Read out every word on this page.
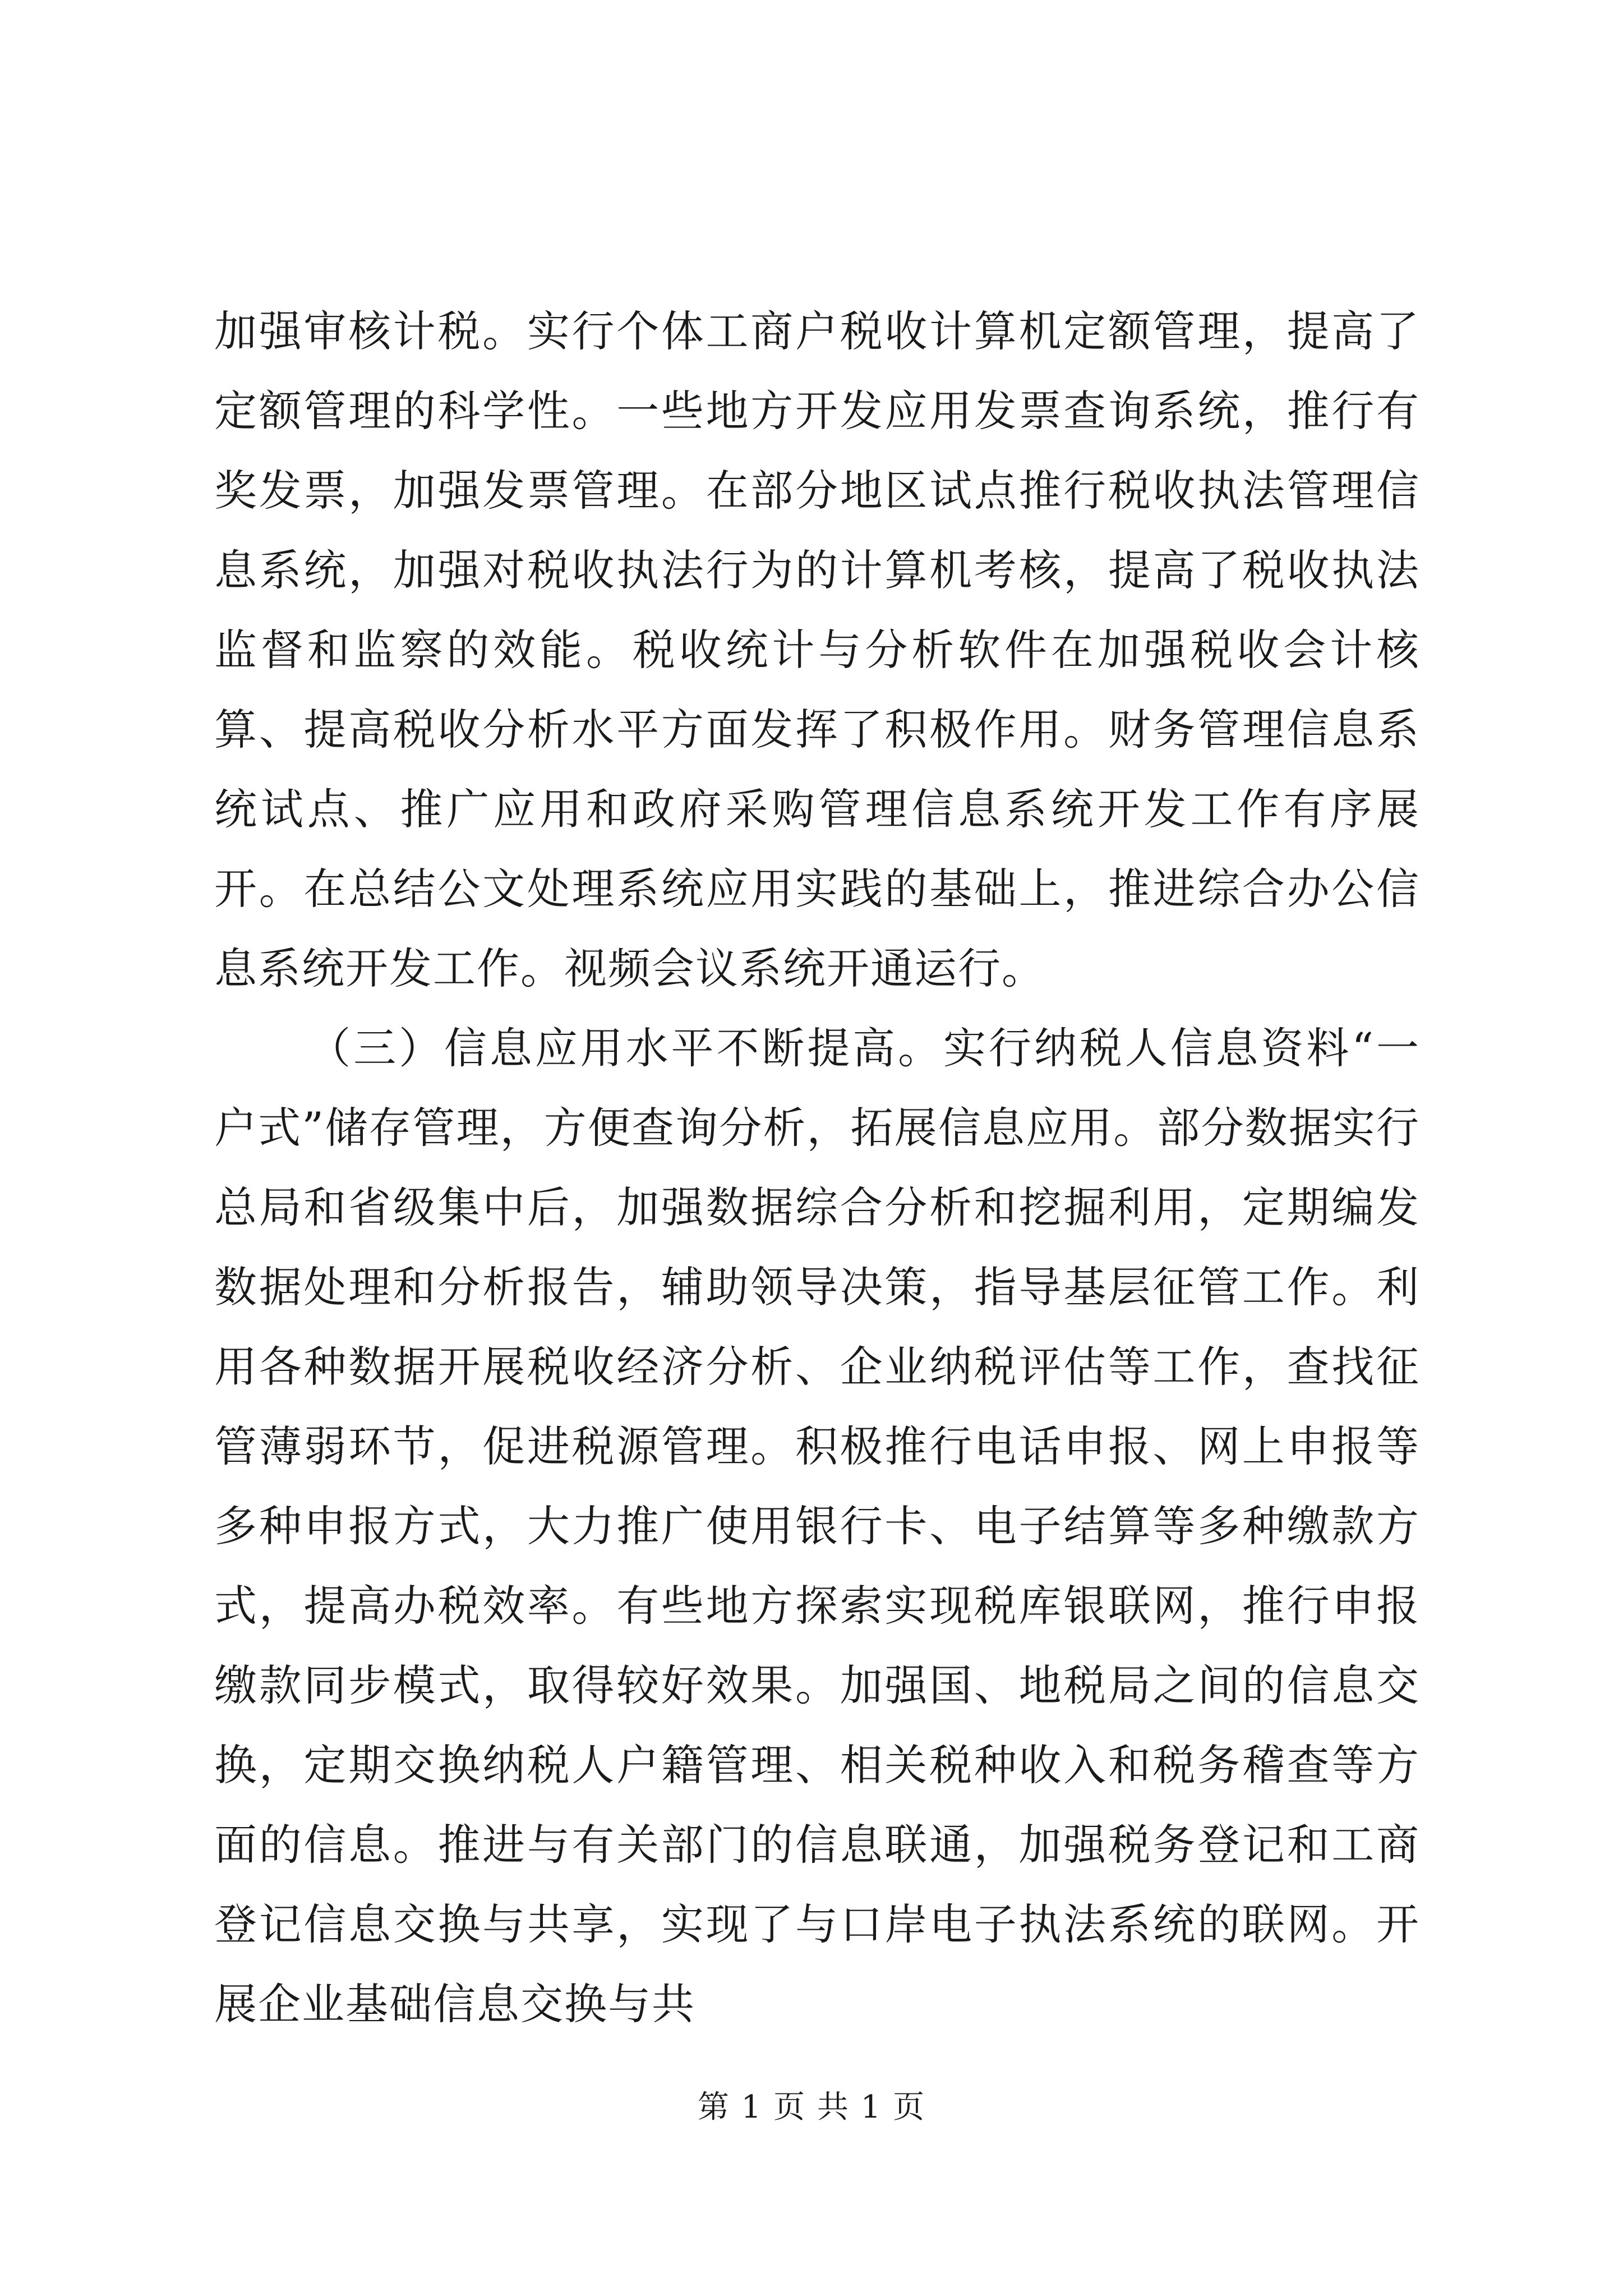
加强审核计税。实行个体工商户税收计算机定额管理，提高了定额管理的科学性。一些地方开发应用发票查询系统，推行有奖发票，加强发票管理。在部分地区试点推行税收执法管理信息系统，加强对税收执法行为的计算机考核，提高了税收执法监督和监察的效能。税收统计与分析软件在加强税收会计核算、提高税收分析水平方面发挥了积极作用。财务管理信息系统试点、推广应用和政府采购管理信息系统开发工作有序展开。在总结公文处理系统应用实践的基础上，推进综合办公信息系统开发工作。视频会议系统开通运行。

（三）信息应用水平不断提高。实行纳税人信息资料“一户式”储存管理，方便查询分析，拓展信息应用。部分数据实行总局和省级集中后，加强数据综合分析和挖掘利用，定期编发数据处理和分析报告，辅助领导决策，指导基层征管工作。利用各种数据开展税收经济分析、企业纳税评估等工作，查找征管薄弱环节，促进税源管理。积极推行电话申报、网上申报等多种申报方式，大力推广使用银行卡、电子结算等多种缴款方式，提高办税效率。有些地方探索实现税库银联网，推行申报缴款同步模式，取得较好效果。加强国、地税局之间的信息交换，定期交换纳税人户籍管理、相关税种收入和税务稽查等方面的信息。推进与有关部门的信息联通，加强税务登记和工商登记信息交换与共享，实现了与口岸电子执法系统的联网。开展企业基础信息交换与共

第 1 页 共 1 页
